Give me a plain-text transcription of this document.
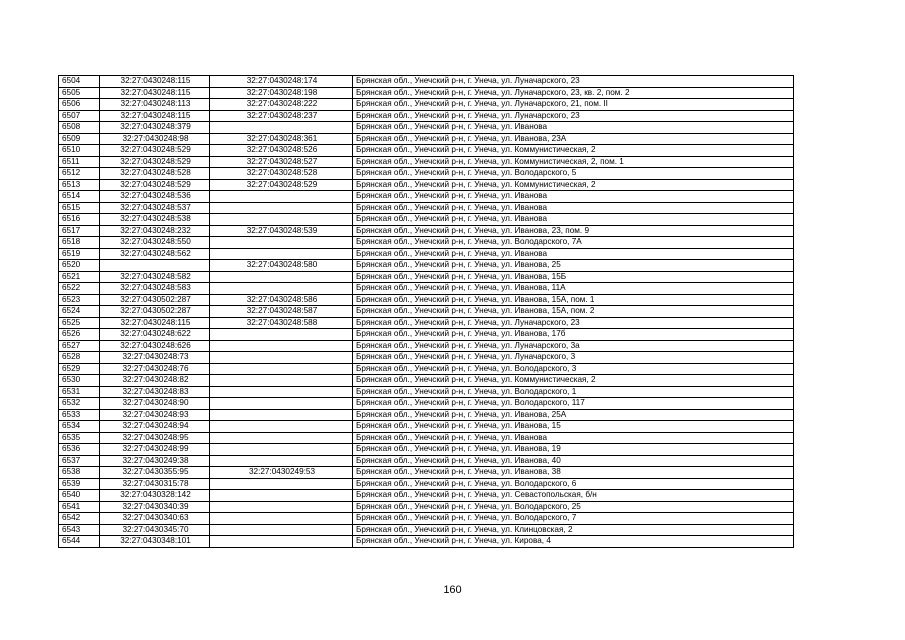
6504	32:27:0430248:115	32:27:0430248:174	Брянская обл., Унечский р-н, г. Унеча, ул. Луначарского, 23
6505	32:27:0430248:115	32:27:0430248:198	Брянская обл., Унечский р-н, г. Унеча, ул. Луначарского, 23, кв. 2, пом. 2
6506	32:27:0430248:113	32:27:0430248:222	Брянская обл., Унечский р-н, г. Унеча, ул. Луначарского, 21, пом. II
6507	32:27:0430248:115	32:27:0430248:237	Брянская обл., Унечский р-н, г. Унеча, ул. Луначарского, 23
6508	32:27:0430248:379		Брянская обл., Унечский р-н, г. Унеча, ул. Иванова
6509	32:27:0430248:98	32:27:0430248:361	Брянская обл., Унечский р-н, г. Унеча, ул. Иванова, 23А
6510	32:27:0430248:529	32:27:0430248:526	Брянская обл., Унечский р-н, г. Унеча, ул. Коммунистическая, 2
6511	32:27:0430248:529	32:27:0430248:527	Брянская обл., Унечский р-н, г. Унеча, ул. Коммунистическая, 2, пом. 1
6512	32:27:0430248:528	32:27:0430248:528	Брянская обл., Унечский р-н, г. Унеча, ул. Володарского, 5
6513	32:27:0430248:529	32:27:0430248:529	Брянская обл., Унечский р-н, г. Унеча, ул. Коммунистическая, 2
6514	32:27:0430248:536		Брянская обл., Унечский р-н, г. Унеча, ул. Иванова
6515	32:27:0430248:537		Брянская обл., Унечский р-н, г. Унеча, ул. Иванова
6516	32:27:0430248:538		Брянская обл., Унечский р-н, г. Унеча, ул. Иванова
6517	32:27:0430248:232	32:27:0430248:539	Брянская обл., Унечский р-н, г. Унеча, ул. Иванова, 23, пом. 9
6518	32:27:0430248:550		Брянская обл., Унечский р-н, г. Унеча, ул. Володарского, 7А
6519	32:27:0430248:562		Брянская обл., Унечский р-н, г. Унеча, ул. Иванова
6520		32:27:0430248:580	Брянская обл., Унечский р-н, г. Унеча, ул. Иванова, 25
6521	32:27:0430248:582		Брянская обл., Унечский р-н, г. Унеча, ул. Иванова, 15Б
6522	32:27:0430248:583		Брянская обл., Унечский р-н, г. Унеча, ул. Иванова, 11А
6523	32:27:0430502:287	32:27:0430248:586	Брянская обл., Унечский р-н, г. Унеча, ул. Иванова, 15А, пом. 1
6524	32:27:0430502:287	32:27:0430248:587	Брянская обл., Унечский р-н, г. Унеча, ул. Иванова, 15А, пом. 2
6525	32:27:0430248:115	32:27:0430248:588	Брянская обл., Унечский р-н, г. Унеча, ул. Луначарского, 23
6526	32:27:0430248:622		Брянская обл., Унечский р-н, г. Унеча, ул. Иванова, 17б
6527	32:27:0430248:626		Брянская обл., Унечский р-н, г. Унеча, ул. Луначарского, 3а
6528	32:27:0430248:73		Брянская обл., Унечский р-н, г. Унеча, ул. Луначарского, 3
6529	32:27:0430248:76		Брянская обл., Унечский р-н, г. Унеча, ул. Володарского, 3
6530	32:27:0430248:82		Брянская обл., Унечский р-н, г. Унеча, ул. Коммунистическая, 2
6531	32:27:0430248:83		Брянская обл., Унечский р-н, г. Унеча, ул. Володарского, 1
6532	32:27:0430248:90		Брянская обл., Унечский р-н, г. Унеча, ул. Володарского, 117
6533	32:27:0430248:93		Брянская обл., Унечский р-н, г. Унеча, ул. Иванова, 25А
6534	32:27:0430248:94		Брянская обл., Унечский р-н, г. Унеча, ул. Иванова, 15
6535	32:27:0430248:95		Брянская обл., Унечский р-н, г. Унеча, ул. Иванова
6536	32:27:0430248:99		Брянская обл., Унечский р-н, г. Унеча, ул. Иванова, 19
6537	32:27:0430249:38		Брянская обл., Унечский р-н, г. Унеча, ул. Иванова, 40
6538	32:27:0430355:95	32:27:0430249:53	Брянская обл., Унечский р-н, г. Унеча, ул. Иванова, 38
6539	32:27:0430315:78		Брянская обл., Унечский р-н, г. Унеча, ул. Володарского, 6
6540	32:27:0430328:142		Брянская обл., Унечский р-н, г. Унеча, ул. Севастопольская, б/н
6541	32:27:0430340:39		Брянская обл., Унечский р-н, г. Унеча, ул. Володарского, 25
6542	32:27:0430340:63		Брянская обл., Унечский р-н, г. Унеча, ул. Володарского, 7
6543	32:27:0430345:70		Брянская обл., Унечский р-н, г. Унеча, ул. Клинцовская, 2
6544	32:27:0430348:101		Брянская обл., Унечский р-н, г. Унеча, ул. Кирова, 4
160
